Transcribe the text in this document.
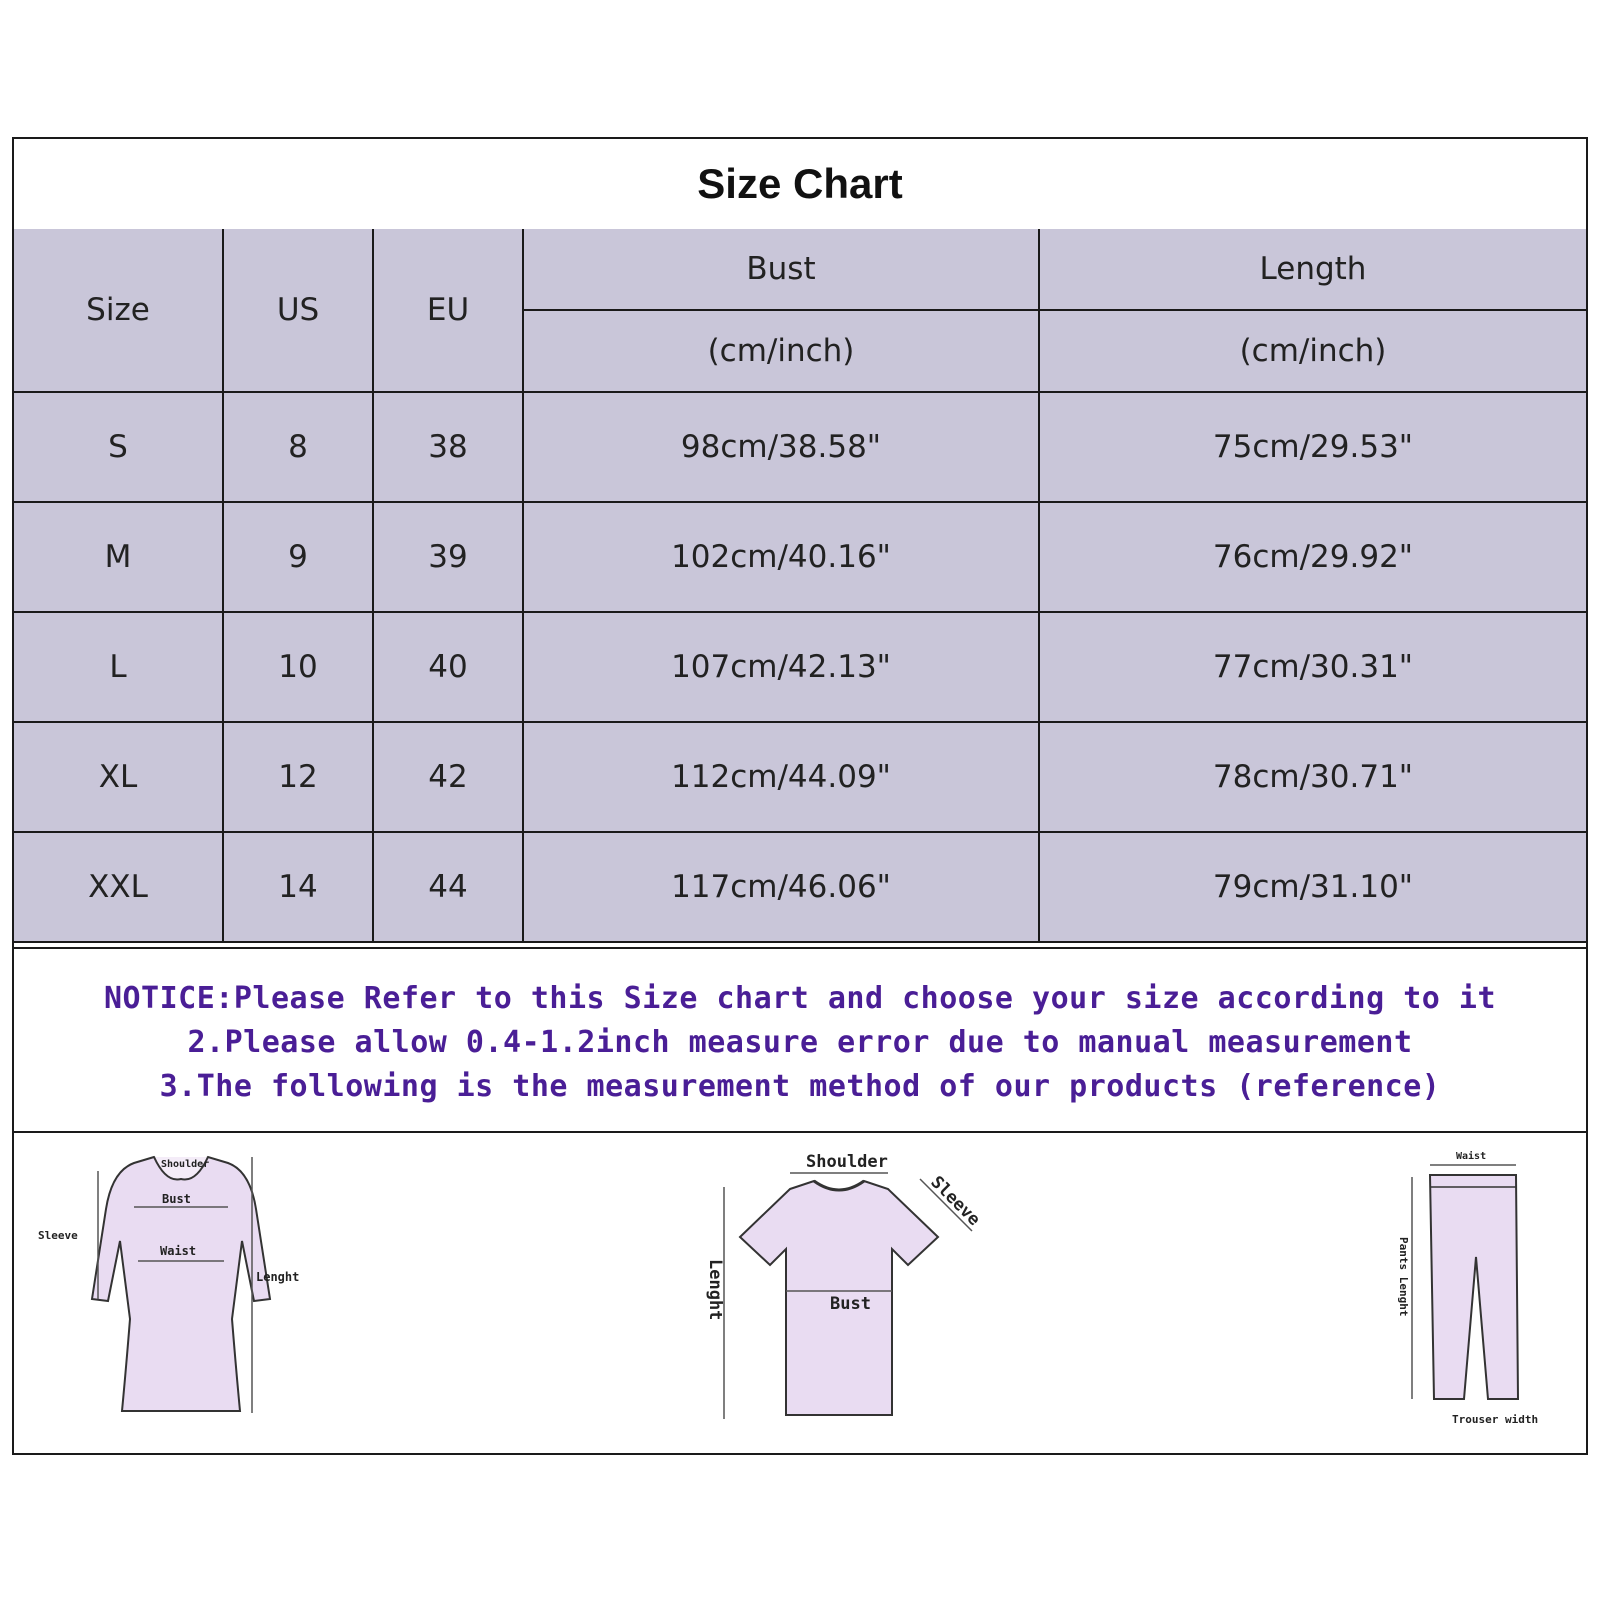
Size Chart
Size	US	EU	Bust	Length
			(cm/inch)	(cm/inch)
S	8	38	98cm/38.58"	75cm/29.53"
M	9	39	102cm/40.16"	76cm/29.92"
L	10	40	107cm/42.13"	77cm/30.31"
XL	12	42	112cm/44.09"	78cm/30.71"
XXL	14	44	117cm/46.06"	79cm/31.10"
NOTICE:Please Refer to this Size chart and choose your size according to it
2.Please allow 0.4-1.2inch measure error due to manual measurement
3.The following is the measurement method of our products (reference)
Shoulder
Bust
Waist
Sleeve
Lenght
Shoulder
Sleeve
Bust
Lenght
Waist
Pants Lenght
Trouser width
